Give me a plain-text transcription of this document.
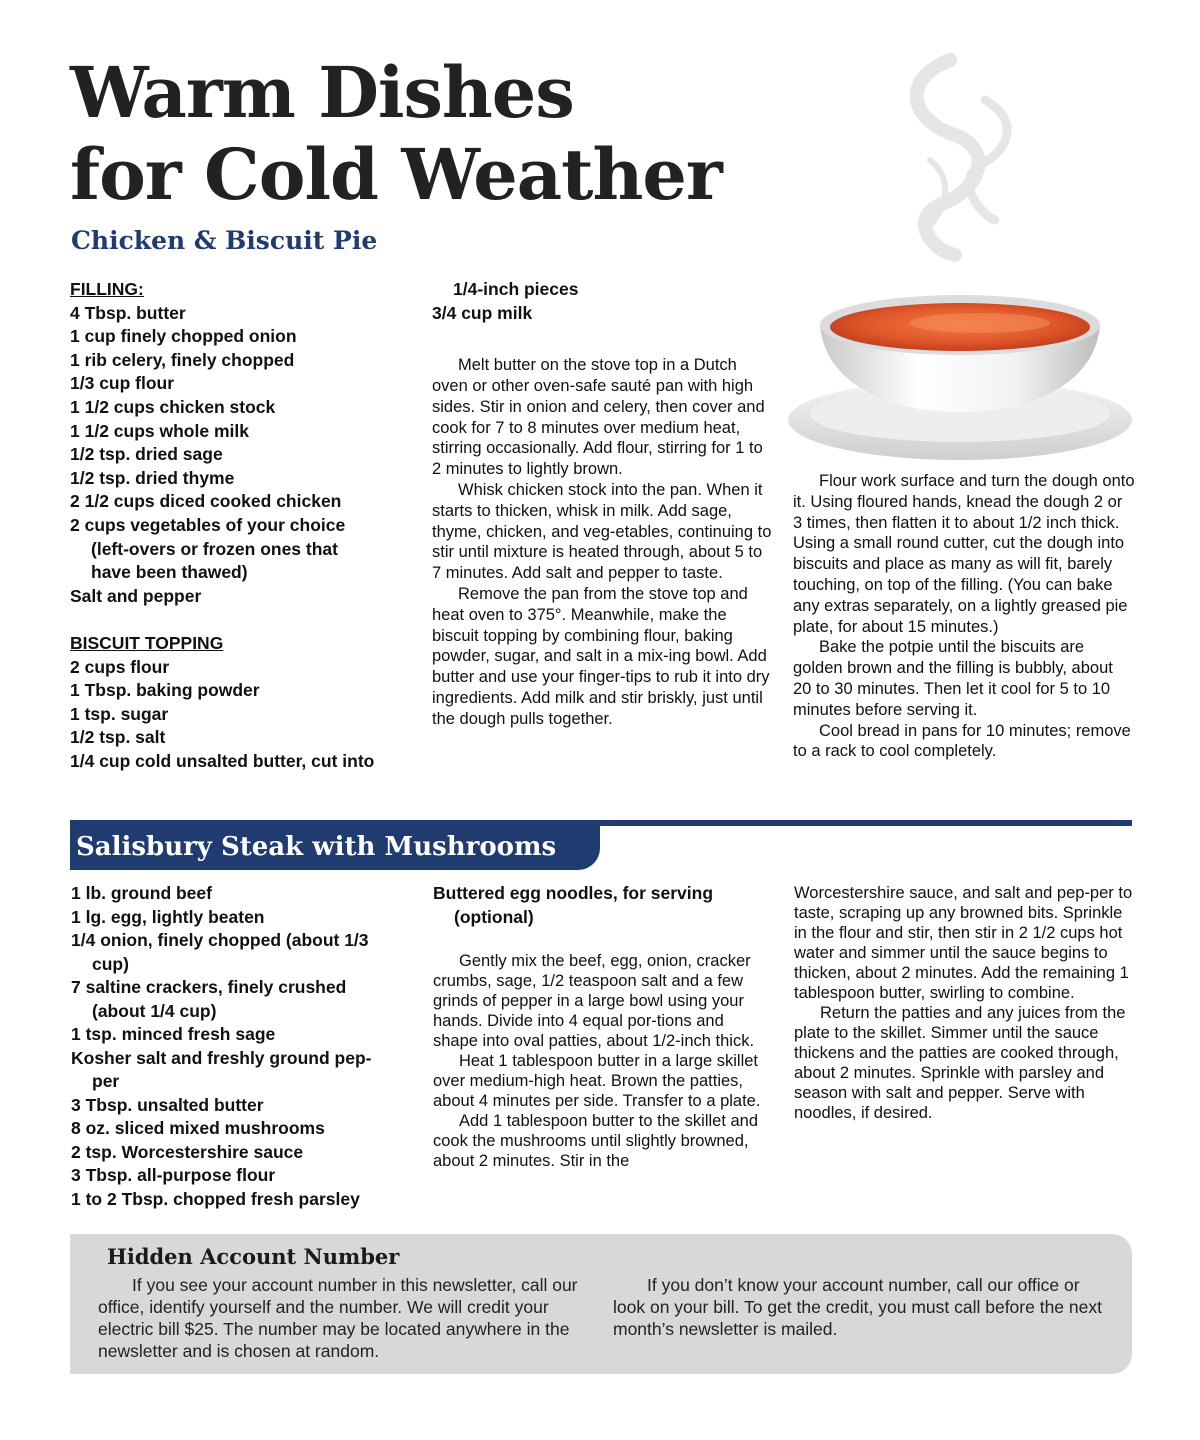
Warm Dishes
for Cold Weather
Chicken & Biscuit Pie
FILLING:
4 Tbsp. butter
1 cup finely chopped onion
1 rib celery, finely chopped
1/3 cup flour
1 1/2 cups chicken stock
1 1/2 cups whole milk
1/2 tsp. dried sage
1/2 tsp. dried thyme
2 1/2 cups diced cooked chicken
2 cups vegetables of your choice
(left-overs or frozen ones that
have been thawed)
Salt and pepper
BISCUIT TOPPING
2 cups flour
1 Tbsp. baking powder
1 tsp. sugar
1/2 tsp. salt
1/4 cup cold unsalted butter, cut into
1/4-inch pieces
3/4 cup milk

Melt butter on the stove top in a Dutch oven or other oven-safe sauté pan with high sides. Stir in onion and celery, then cover and cook for 7 to 8 minutes over medium heat, stirring occasionally. Add flour, stirring for 1 to 2 minutes to lightly brown.

Whisk chicken stock into the pan. When it starts to thicken, whisk in milk. Add sage, thyme, chicken, and veg-etables, continuing to stir until mixture is heated through, about 5 to 7 minutes. Add salt and pepper to taste.

Remove the pan from the stove top and heat oven to 375°. Meanwhile, make the biscuit topping by combining flour, baking powder, sugar, and salt in a mix-ing bowl. Add butter and use your finger-tips to rub it into dry ingredients. Add milk and stir briskly, just until the dough pulls together.

Flour work surface and turn the dough onto it. Using floured hands, knead the dough 2 or 3 times, then flatten it to about 1/2 inch thick. Using a small round cutter, cut the dough into biscuits and place as many as will fit, barely touching, on top of the filling. (You can bake any extras separately, on a lightly greased pie plate, for about 15 minutes.)

Bake the potpie until the biscuits are golden brown and the filling is bubbly, about 20 to 30 minutes. Then let it cool for 5 to 10 minutes before serving it.

Cool bread in pans for 10 minutes; remove to a rack to cool completely.

Salisbury Steak with Mushrooms
1 lb. ground beef
1 lg. egg, lightly beaten
1/4 onion, finely chopped (about 1/3
cup)
7 saltine crackers, finely crushed
(about 1/4 cup)
1 tsp. minced fresh sage
Kosher salt and freshly ground pep-
per
3 Tbsp. unsalted butter
8 oz. sliced mixed mushrooms
2 tsp. Worcestershire sauce
3 Tbsp. all-purpose flour
1 to 2 Tbsp. chopped fresh parsley
Buttered egg noodles, for serving
(optional)

Gently mix the beef, egg, onion, cracker crumbs, sage, 1/2 teaspoon salt and a few grinds of pepper in a large bowl using your hands. Divide into 4 equal por-tions and shape into oval patties, about 1/2-inch thick.

Heat 1 tablespoon butter in a large skillet over medium-high heat. Brown the patties, about 4 minutes per side. Transfer to a plate.

Add 1 tablespoon butter to the skillet and cook the mushrooms until slightly browned, about 2 minutes. Stir in the

Worcestershire sauce, and salt and pep-per to taste, scraping up any browned bits. Sprinkle in the flour and stir, then stir in 2 1/2 cups hot water and simmer until the sauce begins to thicken, about 2 minutes. Add the remaining 1 tablespoon butter, swirling to combine.

Return the patties and any juices from the plate to the skillet. Simmer until the sauce thickens and the patties are cooked through, about 2 minutes. Sprinkle with parsley and season with salt and pepper. Serve with noodles, if desired.

Hidden Account Number

If you see your account number in this newsletter, call our office, identify yourself and the number. We will credit your electric bill $25. The number may be located anywhere in the newsletter and is chosen at random.

If you don’t know your account number, call our office or look on your bill. To get the credit, you must call before the next month’s newsletter is mailed.
